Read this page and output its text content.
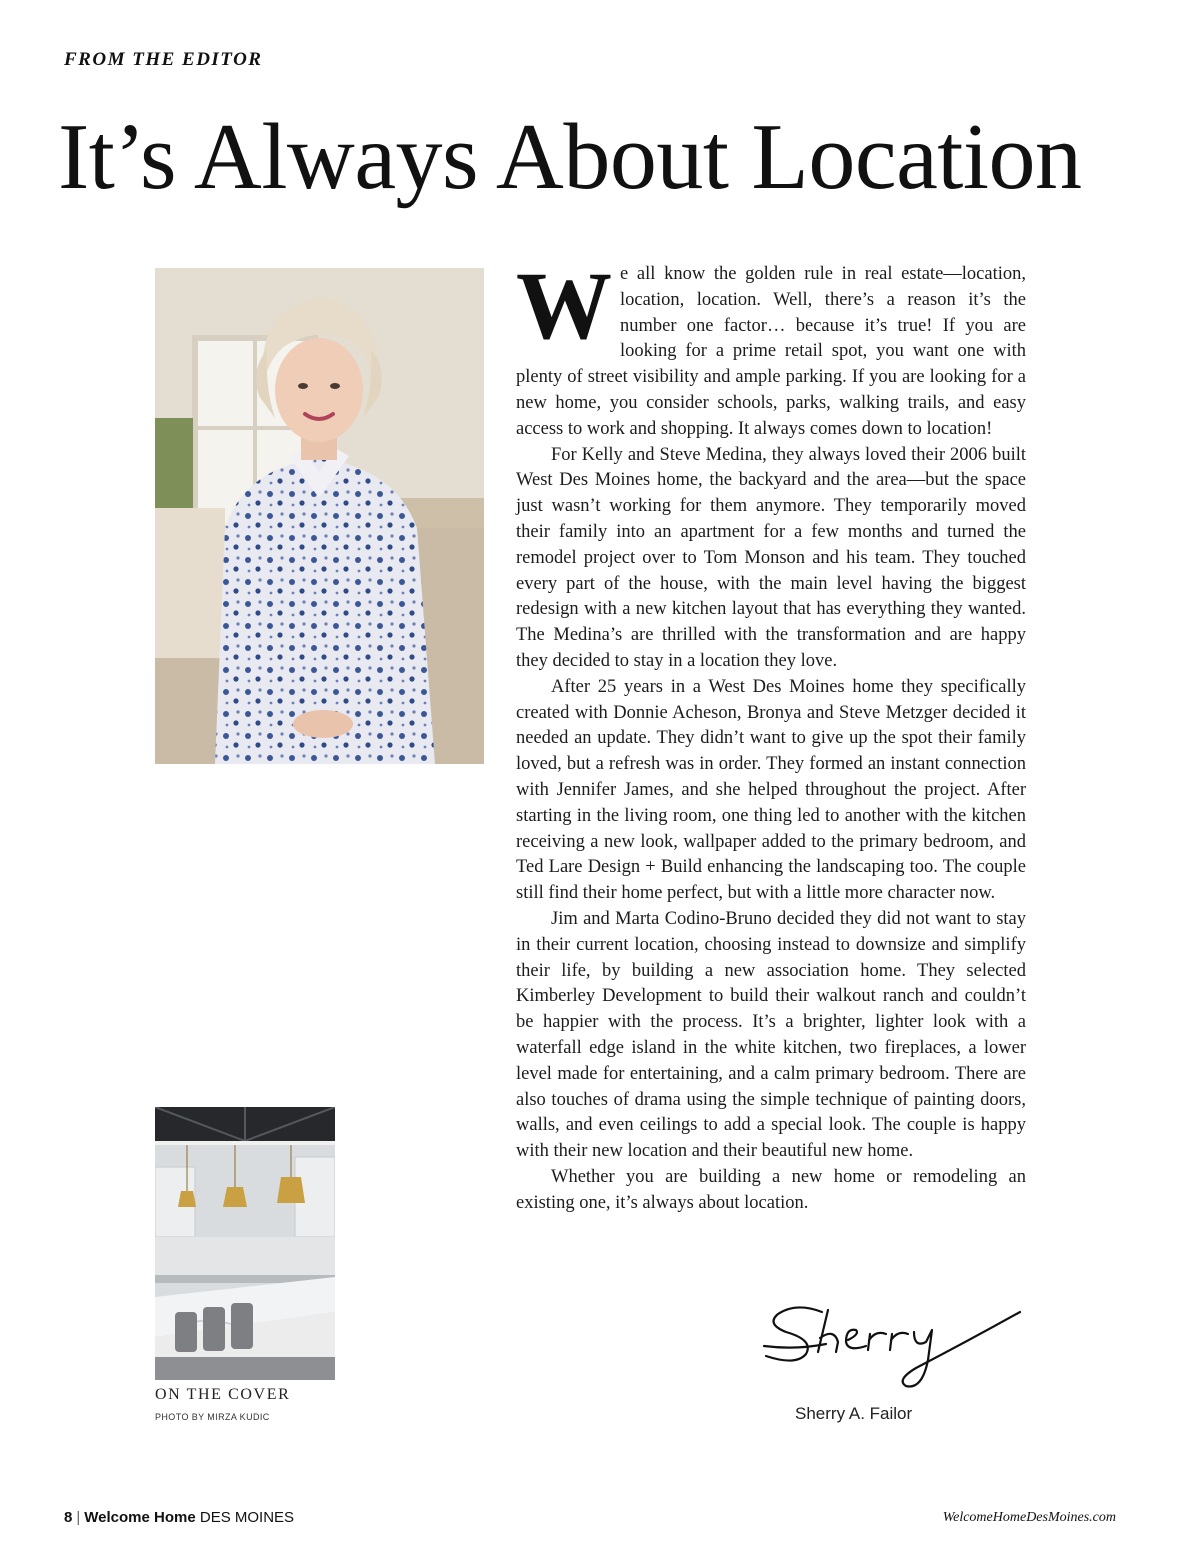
FROM THE EDITOR

It’s Always About Location

ON THE COVER

PHOTO BY MIRZA KUDIC

We all know the golden rule in real estate—location, location, location. Well, there’s a reason it’s the number one factor… because it’s true! If you are looking for a prime retail spot, you want one with plenty of street visibility and ample parking. If you are looking for a new home, you consider schools, parks, walking trails, and easy access to work and shopping. It always comes down to location!

For Kelly and Steve Medina, they always loved their 2006 built West Des Moines home, the backyard and the area—but the space just wasn’t working for them anymore. They temporarily moved their family into an apartment for a few months and turned the remodel project over to Tom Monson and his team. They touched every part of the house, with the main level having the biggest redesign with a new kitchen layout that has everything they wanted. The Medina’s are thrilled with the transformation and are happy they decided to stay in a location they love.

After 25 years in a West Des Moines home they specifically created with Donnie Acheson, Bronya and Steve Metzger decided it needed an update. They didn’t want to give up the spot their family loved, but a refresh was in order. They formed an instant connection with Jennifer James, and she helped throughout the project. After starting in the living room, one thing led to another with the kitchen receiving a new look, wallpaper added to the primary bedroom, and Ted Lare Design + Build enhancing the landscaping too. The couple still find their home perfect, but with a little more character now.

Jim and Marta Codino-Bruno decided they did not want to stay in their current location, choosing instead to downsize and simplify their life, by building a new association home. They selected Kimberley Development to build their walkout ranch and couldn’t be happier with the process. It’s a brighter, lighter look with a waterfall edge island in the white kitchen, two fireplaces, a lower level made for entertaining, and a calm primary bedroom. There are also touches of drama using the simple technique of painting doors, walls, and even ceilings to add a special look. The couple is happy with their new location and their beautiful new home.

Whether you are building a new home or remodeling an existing one, it’s always about location.

Sherry A. Failor

8 | Welcome Home DES MOINES	WelcomeHomeDesMoines.com
